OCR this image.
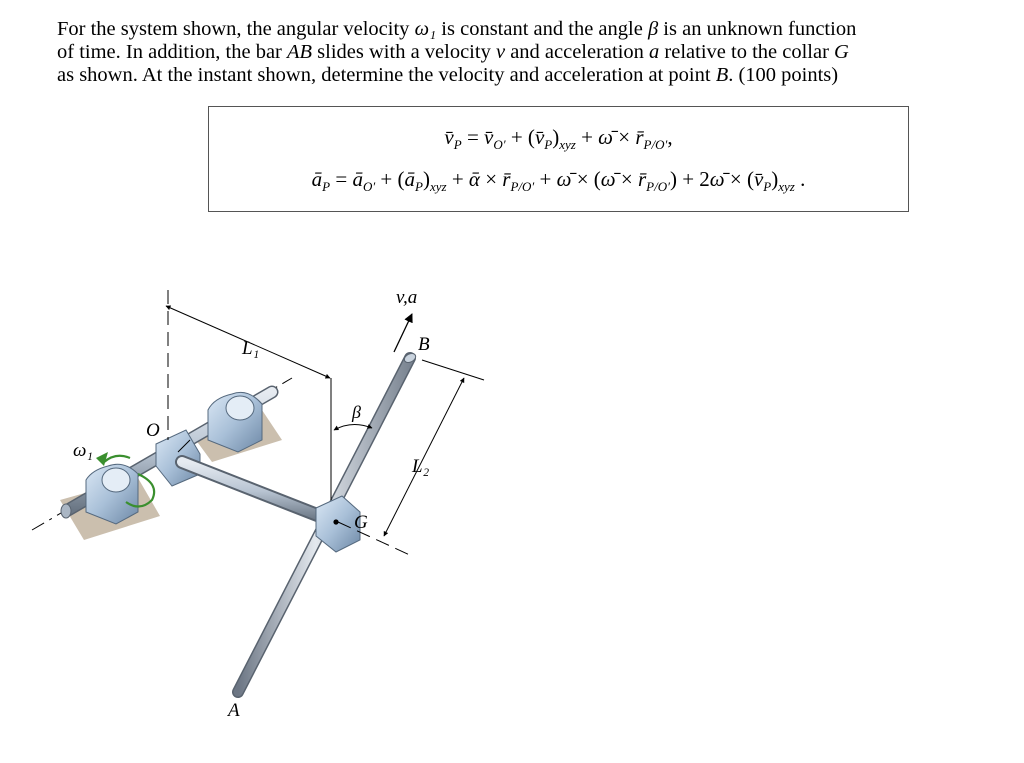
For the system shown, the angular velocity ω₁ is constant and the angle β is an unknown function

of time. In addition, the bar AB slides with a velocity v and acceleration a relative to the collar G

as shown. At the instant shown, determine the velocity and acceleration at point B. (100 points)

$v̄_P$ = $v̄_{O'}$ + $(v̄_P)_{xyz}$ + ω̄ × $r̄_{P/O'}$,
$ā_P$ = $ā_{O'}$ + $(ā_P)_{xyz}$ + ᾱ × $r̄_{P/O'}$ + ω̄ × (ω̄ × $r̄_{P/O'}$) + 2ω̄ × $(v̄_P)_{xyz}$ .
v,a
B
L₁
L₂
β
O
ω₁
G
A
